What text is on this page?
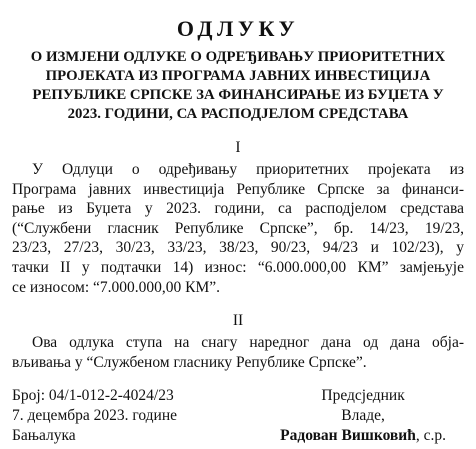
ОДЛУКУ
О ИЗМЈЕНИ ОДЛУКЕ О ОДРЕЂИВАЊУ ПРИОРИТЕТНИХ
ПРОЈЕКАТА ИЗ ПРОГРАМА ЈАВНИХ ИНВЕСТИЦИЈА
РЕПУБЛИКЕ СРПСКЕ ЗА ФИНАНСИРАЊЕ ИЗ БУЏЕТА У
2023. ГОДИНИ, СА РАСПОДЈЕЛОМ СРЕДСТАВА
I
У Одлуци о одређивању приоритетних пројеката из
Програма јавних инвестиција Републике Српске за финанси-
рање из Буџета у 2023. години, са расподјелом средстава
(“Службени гласник Републике Српске”, бр. 14/23, 19/23,
23/23, 27/23, 30/23, 33/23, 38/23, 90/23, 94/23 и 102/23), у
тачки II у подтачки 14) износ: “6.000.000,00 КМ” замјењује
се износом: “7.000.000,00 КМ”.
II
Ова одлука ступа на снагу наредног дана од дана обја-
вљивања у “Службеном гласнику Републике Српске”.
Број: 04/1-012-2-4024/23
7. децембра 2023. године
Бањалука
Предсједник
Владе,
Радован Вишковић, с.р.
